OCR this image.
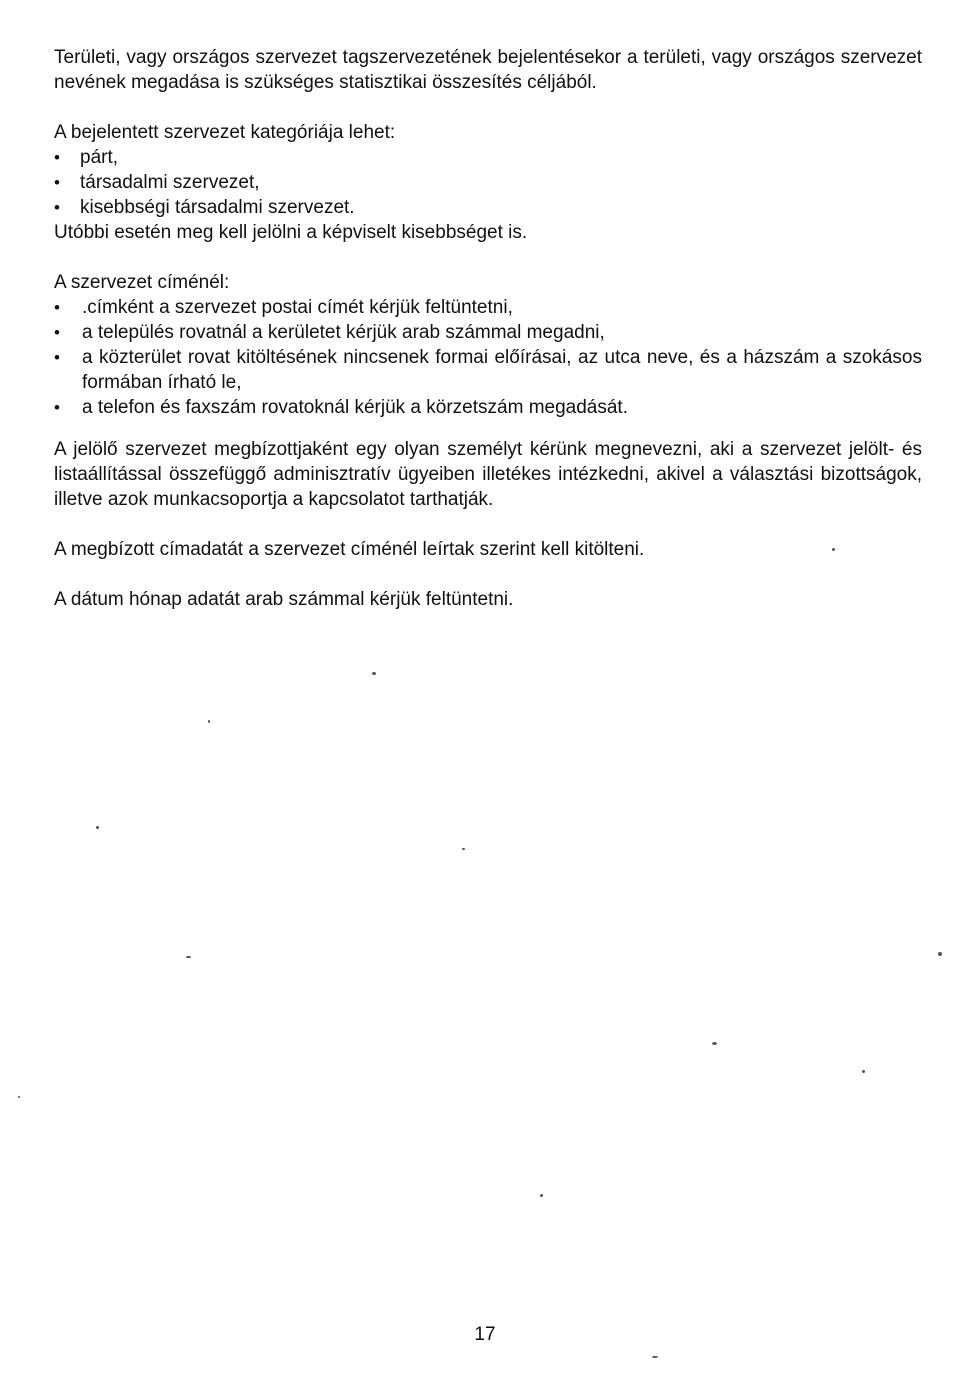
Területi, vagy országos szervezet tagszervezetének bejelentésekor a területi, vagy országos szervezet nevének megadása is szükséges statisztikai összesítés céljából.

A bejelentett szervezet kategóriája lehet:

• párt,
• társadalmi szervezet,
• kisebbségi társadalmi szervezet.

Utóbbi esetén meg kell jelölni a képviselt kisebbséget is.

A szervezet címénél:

• .címként a szervezet postai címét kérjük feltüntetni,
• a település rovatnál a kerületet kérjük arab számmal megadni,
• a közterület rovat kitöltésének nincsenek formai előírásai, az utca neve, és a házszám a szokásos formában írható le,
• a telefon és faxszám rovatoknál kérjük a körzetszám megadását.

A jelölő szervezet megbízottjaként egy olyan személyt kérünk megnevezni, aki a szervezet jelölt- és listaállítással összefüggő adminisztratív ügyeiben illetékes intézkedni, akivel a választási bizottságok, illetve azok munkacsoportja a kapcsolatot tarthatják.

A megbízott címadatát a szervezet címénél leírtak szerint kell kitölteni.

A dátum hónap adatát arab számmal kérjük feltüntetni.

17
